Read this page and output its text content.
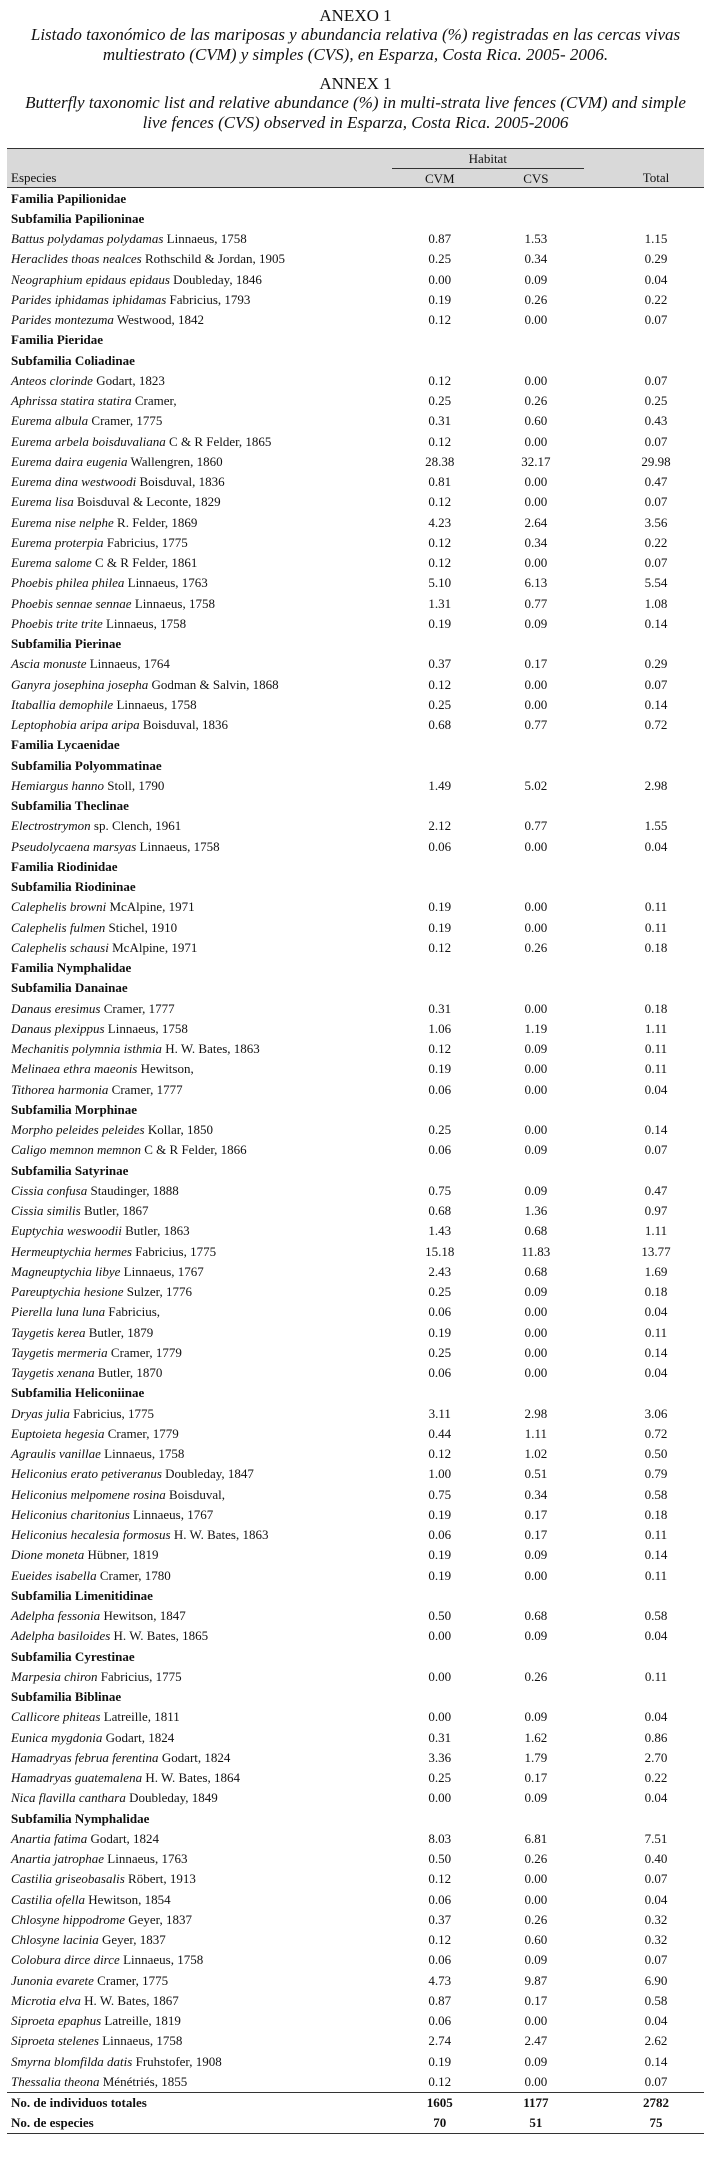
ANEXO 1
Listado taxonómico de las mariposas y abundancia relativa (%) registradas en las cercas vivas multiestrato (CVM) y simples (CVS), en Esparza, Costa Rica. 2005- 2006.
ANNEX 1
Butterfly taxonomic list and relative abundance (%) in multi-strata live fences (CVM) and simple live fences (CVS) observed in Esparza, Costa Rica. 2005-2006
		Habitat			
Especies		CVM	CVS		Total
Familia Papilionidae					
Subfamilia Papilioninae					
Battus polydamas polydamas Linnaeus, 1758		0.87	1.53		1.15
Heraclides thoas nealces Rothschild & Jordan, 1905		0.25	0.34		0.29
Neographium epidaus epidaus Doubleday, 1846		0.00	0.09		0.04
Parides iphidamas iphidamas Fabricius, 1793		0.19	0.26		0.22
Parides montezuma Westwood, 1842		0.12	0.00		0.07
Familia Pieridae					
Subfamilia Coliadinae					
Anteos clorinde Godart, 1823		0.12	0.00		0.07
Aphrissa statira statira Cramer,		0.25	0.26		0.25
Eurema albula Cramer, 1775		0.31	0.60		0.43
Eurema arbela boisduvaliana C & R Felder, 1865		0.12	0.00		0.07
Eurema daira eugenia Wallengren, 1860		28.38	32.17		29.98
Eurema dina westwoodi Boisduval, 1836		0.81	0.00		0.47
Eurema lisa Boisduval & Leconte, 1829		0.12	0.00		0.07
Eurema nise nelphe R. Felder, 1869		4.23	2.64		3.56
Eurema proterpia Fabricius, 1775		0.12	0.34		0.22
Eurema salome C & R Felder, 1861		0.12	0.00		0.07
Phoebis philea philea Linnaeus, 1763		5.10	6.13		5.54
Phoebis sennae sennae Linnaeus, 1758		1.31	0.77		1.08
Phoebis trite trite Linnaeus, 1758		0.19	0.09		0.14
Subfamilia Pierinae					
Ascia monuste Linnaeus, 1764		0.37	0.17		0.29
Ganyra josephina josepha Godman & Salvin, 1868		0.12	0.00		0.07
Itaballia demophile Linnaeus, 1758		0.25	0.00		0.14
Leptophobia aripa aripa Boisduval, 1836		0.68	0.77		0.72
Familia Lycaenidae					
Subfamilia Polyommatinae					
Hemiargus hanno Stoll, 1790		1.49	5.02		2.98
Subfamilia Theclinae					
Electrostrymon sp. Clench, 1961		2.12	0.77		1.55
Pseudolycaena marsyas Linnaeus, 1758		0.06	0.00		0.04
Familia Riodinidae					
Subfamilia Riodininae					
Calephelis browni McAlpine, 1971		0.19	0.00		0.11
Calephelis fulmen Stichel, 1910		0.19	0.00		0.11
Calephelis schausi McAlpine, 1971		0.12	0.26		0.18
Familia Nymphalidae					
Subfamilia Danainae					
Danaus eresimus Cramer, 1777		0.31	0.00		0.18
Danaus plexippus Linnaeus, 1758		1.06	1.19		1.11
Mechanitis polymnia isthmia H. W. Bates, 1863		0.12	0.09		0.11
Melinaea ethra maeonis Hewitson,		0.19	0.00		0.11
Tithorea harmonia Cramer, 1777		0.06	0.00		0.04
Subfamilia Morphinae					
Morpho peleides peleides Kollar, 1850		0.25	0.00		0.14
Caligo memnon memnon C & R Felder, 1866		0.06	0.09		0.07
Subfamilia Satyrinae					
Cissia confusa Staudinger, 1888		0.75	0.09		0.47
Cissia similis Butler, 1867		0.68	1.36		0.97
Euptychia weswoodii Butler, 1863		1.43	0.68		1.11
Hermeuptychia hermes Fabricius, 1775		15.18	11.83		13.77
Magneuptychia libye Linnaeus, 1767		2.43	0.68		1.69
Pareuptychia hesione Sulzer, 1776		0.25	0.09		0.18
Pierella luna luna Fabricius,		0.06	0.00		0.04
Taygetis kerea Butler, 1879		0.19	0.00		0.11
Taygetis mermeria Cramer, 1779		0.25	0.00		0.14
Taygetis xenana Butler, 1870		0.06	0.00		0.04
Subfamilia Heliconiinae					
Dryas julia Fabricius, 1775		3.11	2.98		3.06
Euptoieta hegesia Cramer, 1779		0.44	1.11		0.72
Agraulis vanillae Linnaeus, 1758		0.12	1.02		0.50
Heliconius erato petiveranus Doubleday, 1847		1.00	0.51		0.79
Heliconius melpomene rosina Boisduval,		0.75	0.34		0.58
Heliconius charitonius Linnaeus, 1767		0.19	0.17		0.18
Heliconius hecalesia formosus H. W. Bates, 1863		0.06	0.17		0.11
Dione moneta Hübner, 1819		0.19	0.09		0.14
Eueides isabella Cramer, 1780		0.19	0.00		0.11
Subfamilia Limenitidinae					
Adelpha fessonia Hewitson, 1847		0.50	0.68		0.58
Adelpha basiloides H. W. Bates, 1865		0.00	0.09		0.04
Subfamilia Cyrestinae					
Marpesia chiron Fabricius, 1775		0.00	0.26		0.11
Subfamilia Biblinae					
Callicore phiteas Latreille, 1811		0.00	0.09		0.04
Eunica mygdonia Godart, 1824		0.31	1.62		0.86
Hamadryas februa ferentina Godart, 1824		3.36	1.79		2.70
Hamadryas guatemalena H. W. Bates, 1864		0.25	0.17		0.22
Nica flavilla canthara Doubleday, 1849		0.00	0.09		0.04
Subfamilia Nymphalidae					
Anartia fatima Godart, 1824		8.03	6.81		7.51
Anartia jatrophae Linnaeus, 1763		0.50	0.26		0.40
Castilia griseobasalis Röbert, 1913		0.12	0.00		0.07
Castilia ofella Hewitson, 1854		0.06	0.00		0.04
Chlosyne hippodrome Geyer, 1837		0.37	0.26		0.32
Chlosyne lacinia Geyer, 1837		0.12	0.60		0.32
Colobura dirce dirce Linnaeus, 1758		0.06	0.09		0.07
Junonia evarete Cramer, 1775		4.73	9.87		6.90
Microtia elva H. W. Bates, 1867		0.87	0.17		0.58
Siproeta epaphus Latreille, 1819		0.06	0.00		0.04
Siproeta stelenes Linnaeus, 1758		2.74	2.47		2.62
Smyrna blomfilda datis Fruhstofer, 1908		0.19	0.09		0.14
Thessalia theona Ménétriés, 1855		0.12	0.00		0.07
No. de individuos totales		1605	1177		2782
No. de especies		70	51		75
